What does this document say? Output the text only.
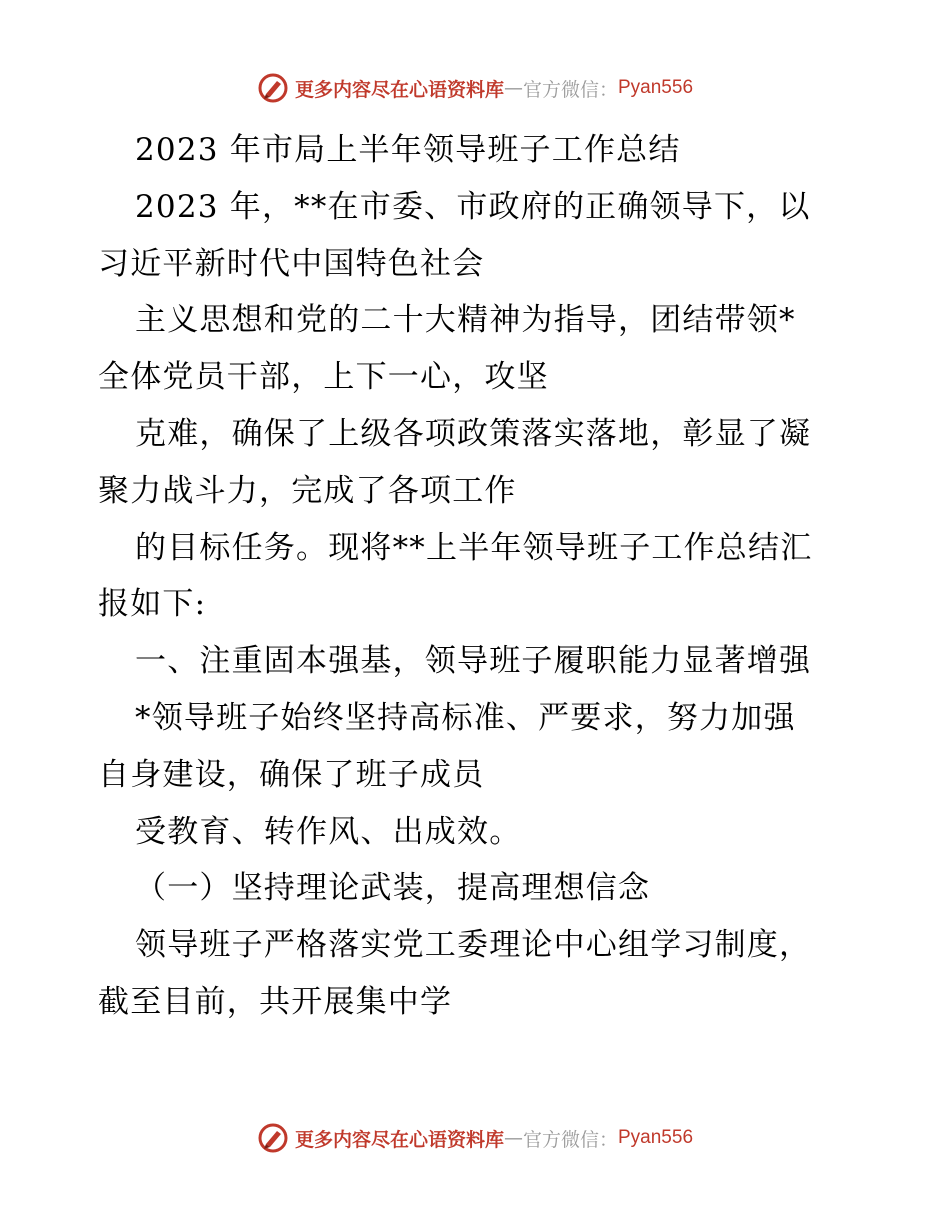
更多内容尽在心语资料库 — 官方微信： Pyan556
2023 年市局上半年领导班子工作总结
2023 年，**在市委、市政府的正确领导下，以
习近平新时代中国特色社会
主义思想和党的二十大精神为指导，团结带领*
全体党员干部，上下一心，攻坚
克难，确保了上级各项政策落实落地，彰显了凝
聚力战斗力，完成了各项工作
的目标任务。现将**上半年领导班子工作总结汇
报如下:
一、注重固本强基，领导班子履职能力显著增强
*领导班子始终坚持高标准、严要求，努力加强
自身建设，确保了班子成员
受教育、转作风、出成效。
（一）坚持理论武装，提高理想信念
领导班子严格落实党工委理论中心组学习制度，
截至目前，共开展集中学
更多内容尽在心语资料库 — 官方微信： Pyan556
